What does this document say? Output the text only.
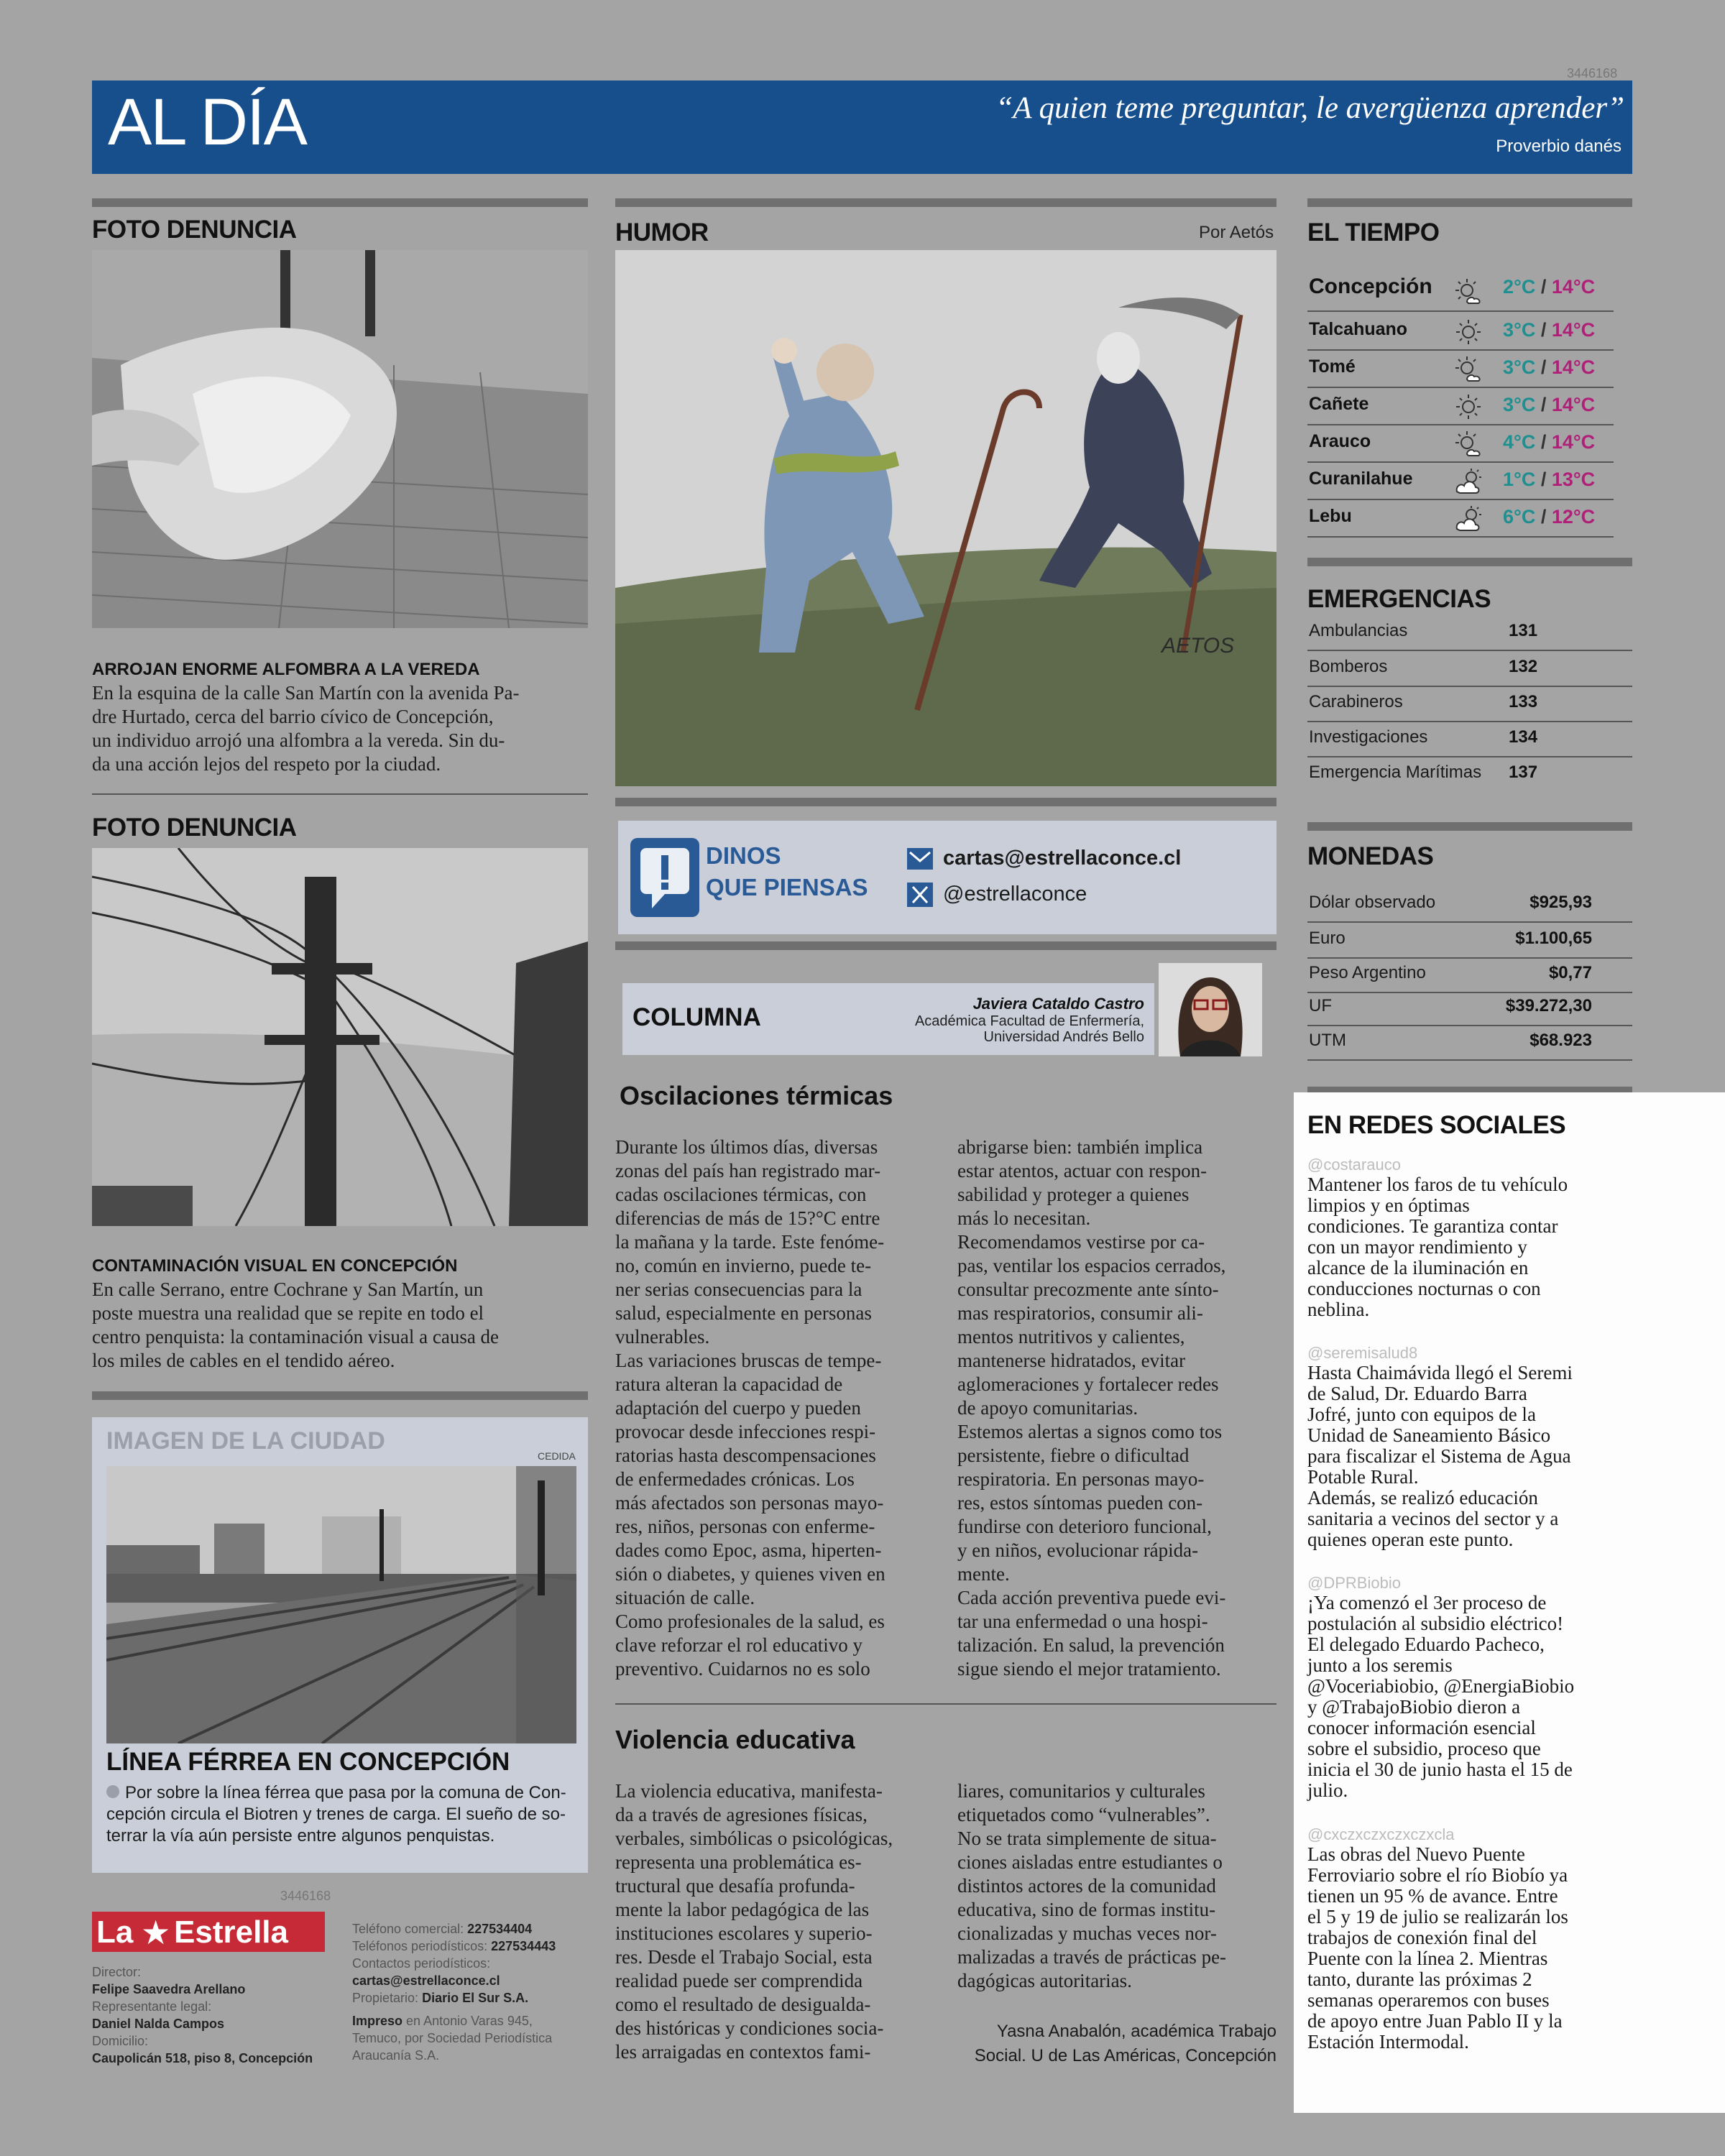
3446168
AL DÍA	“A quien teme preguntar, le avergüenza aprender”
Proverbio danés
FOTO DENUNCIA
ARROJAN ENORME ALFOMBRA A LA VEREDA
En la esquina de la calle San Martín con la avenida Pa-
dre Hurtado, cerca del barrio cívico de Concepción,
un individuo arrojó una alfombra a la vereda. Sin du-
da una acción lejos del respeto por la ciudad.
FOTO DENUNCIA
CONTAMINACIÓN VISUAL EN CONCEPCIÓN
En calle Serrano, entre Cochrane y San Martín, un
poste muestra una realidad que se repite en todo el
centro penquista: la contaminación visual a causa de
los miles de cables en el tendido aéreo.
IMAGEN DE LA CIUDAD
CEDIDA
LÍNEA FÉRREA EN CONCEPCIÓN
Por sobre la línea férrea que pasa por la comuna de Con-
cepción circula el Biotren y trenes de carga. El sueño de so-
terrar la vía aún persiste entre algunos penquistas.
3446168
La ★ Estrella
Director:
Felipe Saavedra Arellano
Representante legal:
Daniel Nalda Campos
Domicilio:
Caupolicán 518, piso 8, Concepción
Teléfono comercial: 227534404
Teléfonos periodísticos: 227534443
Contactos periodísticos:
cartas@estrellaconce.cl
Propietario: Diario El Sur S.A.
Impreso en Antonio Varas 945,
Temuco, por Sociedad Periodística
Araucanía S.A.
HUMOR	Por Aetós
AETOS
DINOS
QUE PIENSAS
cartas@estrellaconce.cl
@estrellaconce
COLUMNA	Javiera Cataldo Castro
Académica Facultad de Enfermería,
Universidad Andrés Bello
Oscilaciones térmicas
Durante los últimos días, diversas
zonas del país han registrado mar-
cadas oscilaciones térmicas, con
diferencias de más de 15?°C entre
la mañana y la tarde. Este fenóme-
no, común en invierno, puede te-
ner serias consecuencias para la
salud, especialmente en personas
vulnerables.
Las variaciones bruscas de tempe-
ratura alteran la capacidad de
adaptación del cuerpo y pueden
provocar desde infecciones respi-
ratorias hasta descompensaciones
de enfermedades crónicas. Los
más afectados son personas mayo-
res, niños, personas con enferme-
dades como Epoc, asma, hiperten-
sión o diabetes, y quienes viven en
situación de calle.
Como profesionales de la salud, es
clave reforzar el rol educativo y
preventivo. Cuidarnos no es solo
abrigarse bien: también implica
estar atentos, actuar con respon-
sabilidad y proteger a quienes
más lo necesitan.
Recomendamos vestirse por ca-
pas, ventilar los espacios cerrados,
consultar precozmente ante sínto-
mas respiratorios, consumir ali-
mentos nutritivos y calientes,
mantenerse hidratados, evitar
aglomeraciones y fortalecer redes
de apoyo comunitarias.
Estemos alertas a signos como tos
persistente, fiebre o dificultad
respiratoria. En personas mayo-
res, estos síntomas pueden con-
fundirse con deterioro funcional,
y en niños, evolucionar rápida-
mente.
Cada acción preventiva puede evi-
tar una enfermedad o una hospi-
talización. En salud, la prevención
sigue siendo el mejor tratamiento.
Violencia educativa
La violencia educativa, manifesta-
da a través de agresiones físicas,
verbales, simbólicas o psicológicas,
representa una problemática es-
tructural que desafía profunda-
mente la labor pedagógica de las
instituciones escolares y superio-
res. Desde el Trabajo Social, esta
realidad puede ser comprendida
como el resultado de desigualda-
des históricas y condiciones socia-
les arraigadas en contextos fami-
liares, comunitarios y culturales
etiquetados como “vulnerables”.
No se trata simplemente de situa-
ciones aisladas entre estudiantes o
distintos actores de la comunidad
educativa, sino de formas institu-
cionalizadas y muchas veces nor-
malizadas a través de prácticas pe-
dagógicas autoritarias.
Yasna Anabalón, académica Trabajo
Social. U de Las Américas, Concepción
EL TIEMPO
Concepción	2°C / 14°C
Talcahuano	3°C / 14°C
Tomé	3°C / 14°C
Cañete	3°C / 14°C
Arauco	4°C / 14°C
Curanilahue	1°C / 13°C
Lebu	6°C / 12°C
EMERGENCIAS
Ambulancias	131
Bomberos	132
Carabineros	133
Investigaciones	134
Emergencia Marítimas 137
MONEDAS
Dólar observado	$925,93
Euro	$1.100,65
Peso Argentino	$0,77
UF	$39.272,30
UTM	$68.923
EN REDES SOCIALES
@costarauco
Mantener los faros de tu vehículo
limpios y en óptimas
condiciones. Te garantiza contar
con un mayor rendimiento y
alcance de la iluminación en
conducciones nocturnas o con
neblina.
@seremisalud8
Hasta Chaimávida llegó el Seremi
de Salud, Dr. Eduardo Barra
Jofré, junto con equipos de la
Unidad de Saneamiento Básico
para fiscalizar el Sistema de Agua
Potable Rural.
Además, se realizó educación
sanitaria a vecinos del sector y a
quienes operan este punto.
@DPRBiobio
¡Ya comenzó el 3er proceso de
postulación al subsidio eléctrico!
El delegado Eduardo Pacheco,
junto a los seremis
@Voceriabiobio, @EnergiaBiobio
y @TrabajoBiobio dieron a
conocer información esencial
sobre el subsidio, proceso que
inicia el 30 de junio hasta el 15 de
julio.
@cxczxczxczxczxcla
Las obras del Nuevo Puente
Ferroviario sobre el río Biobío ya
tienen un 95 % de avance. Entre
el 5 y 19 de julio se realizarán los
trabajos de conexión final del
Puente con la línea 2. Mientras
tanto, durante las próximas 2
semanas operaremos con buses
de apoyo entre Juan Pablo II y la
Estación Intermodal.
